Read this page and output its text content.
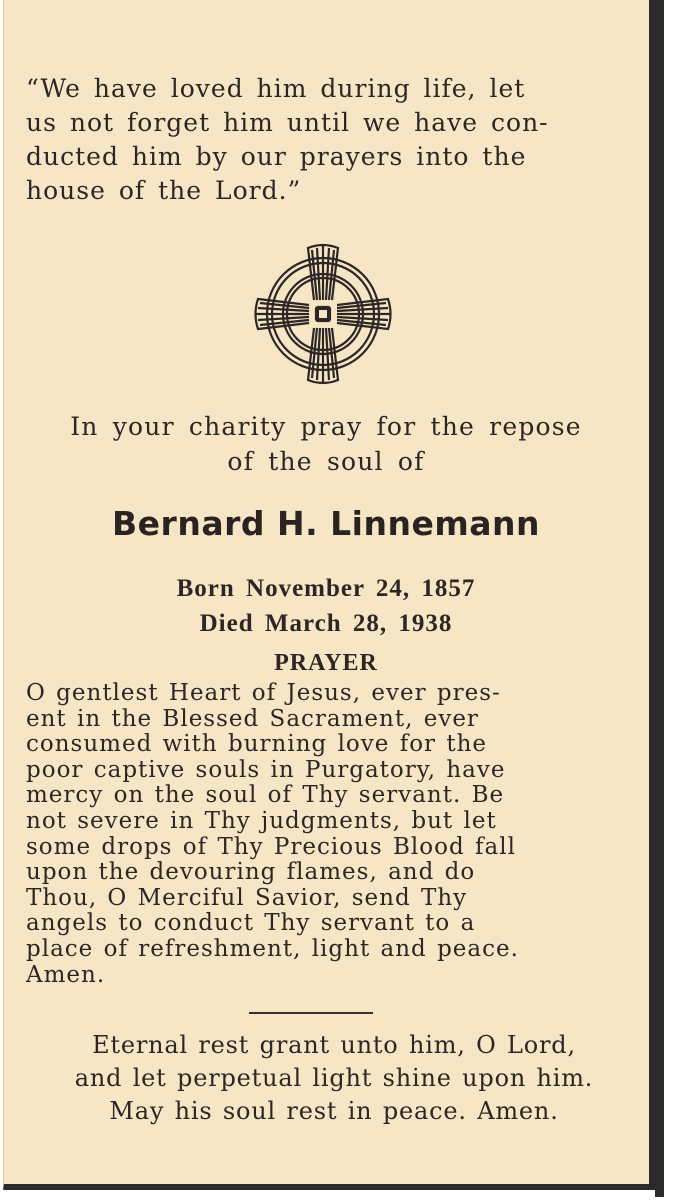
“We have loved him during life, let
us not forget him until we have con-
ducted him by our prayers into the
house of the Lord.”

In your charity pray for the repose
of the soul of

Bernard H. Linnemann

Born November 24, 1857
Died March 28, 1938

PRAYER

O gentlest Heart of Jesus, ever pres-
ent in the Blessed Sacrament, ever
consumed with burning love for the
poor captive souls in Purgatory, have
mercy on the soul of Thy servant. Be
not severe in Thy judgments, but let
some drops of Thy Precious Blood fall
upon the devouring flames, and do
Thou, O Merciful Savior, send Thy
angels to conduct Thy servant to a
place of refreshment, light and peace.
Amen.

Eternal rest grant unto him, O Lord,
and let perpetual light shine upon him.
May his soul rest in peace. Amen.
